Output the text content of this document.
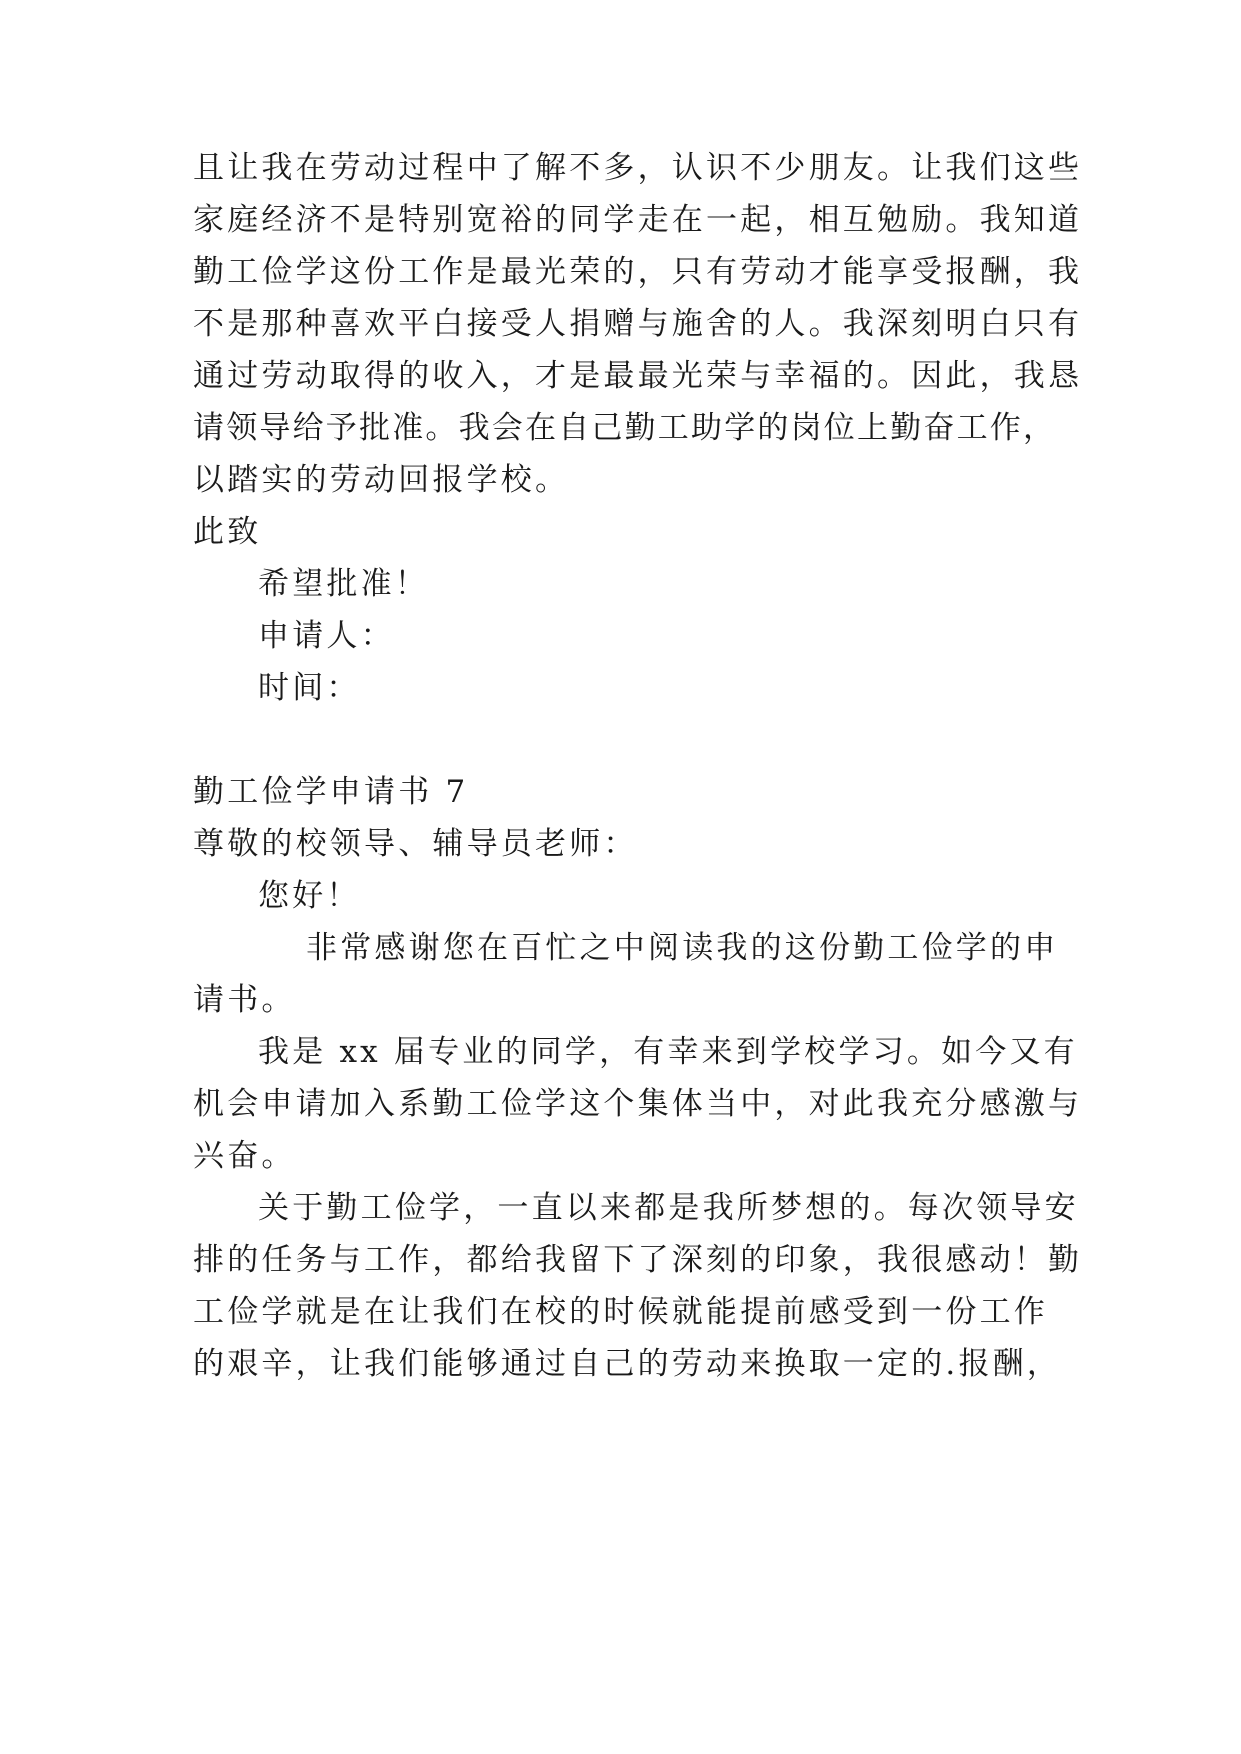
且让我在劳动过程中了解不多，认识不少朋友。让我们这些
家庭经济不是特别宽裕的同学走在一起，相互勉励。我知道
勤工俭学这份工作是最光荣的，只有劳动才能享受报酬，我
不是那种喜欢平白接受人捐赠与施舍的人。我深刻明白只有
通过劳动取得的收入，才是最最光荣与幸福的。因此，我恳
请领导给予批准。我会在自己勤工助学的岗位上勤奋工作，
以踏实的劳动回报学校。
此致
希望批准！
申请人：
时间：
勤工俭学申请书 7
尊敬的校领导、辅导员老师：
您好！
非常感谢您在百忙之中阅读我的这份勤工俭学的申
请书。
我是 xx 届专业的同学，有幸来到学校学习。如今又有
机会申请加入系勤工俭学这个集体当中，对此我充分感激与
兴奋。
关于勤工俭学，一直以来都是我所梦想的。每次领导安
排的任务与工作，都给我留下了深刻的印象，我很感动！勤
工俭学就是在让我们在校的时候就能提前感受到一份工作
的艰辛，让我们能够通过自己的劳动来换取一定的.报酬，
